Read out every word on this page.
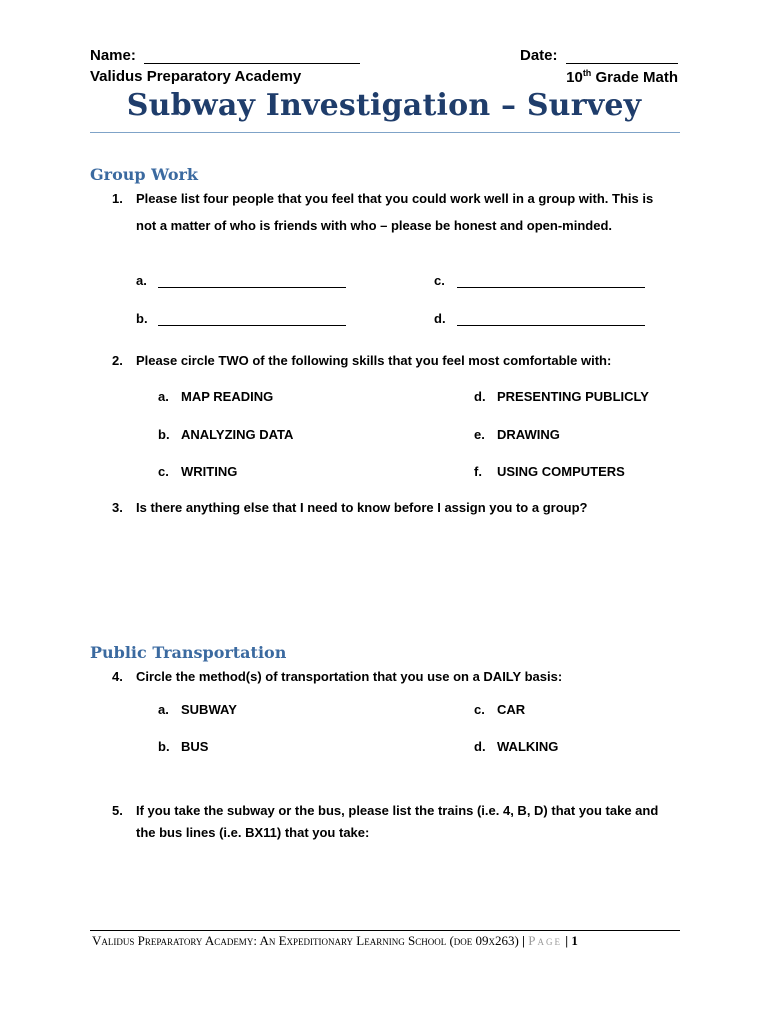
Name:	Date:
Validus Preparatory Academy	10th Grade Math
Subway Investigation – Survey
Group Work
1. Please list four people that you feel that you could work well in a group with. This is
not a matter of who is friends with who – please be honest and open-minded.
a.
b.
c.
d.
2. Please circle TWO of the following skills that you feel most comfortable with:
a. MAP READING
b. ANALYZING DATA
c. WRITING
d. PRESENTING PUBLICLY
e. DRAWING
f. USING COMPUTERS
3. Is there anything else that I need to know before I assign you to a group?
Public Transportation
4. Circle the method(s) of transportation that you use on a DAILY basis:
a. SUBWAY
b. BUS
c. CAR
d. WALKING
5. If you take the subway or the bus, please list the trains (i.e. 4, B, D) that you take and
the bus lines (i.e. BX11) that you take:
Validus Preparatory Academy: An Expeditionary Learning School (doe 09x263) | Page | 1
